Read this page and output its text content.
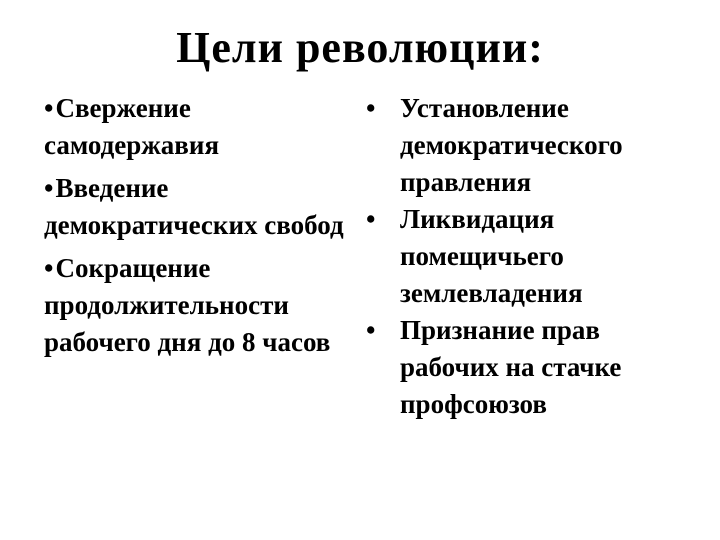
Цели революции:
•Свержение самодержавия
•Введение демократических свобод
•Сокращение продолжительности рабочего дня до 8 часов
• Установление
демократического
правления
• Ликвидация
помещичьего
землевладения
• Признание прав
рабочих на стачке
профсоюзов
